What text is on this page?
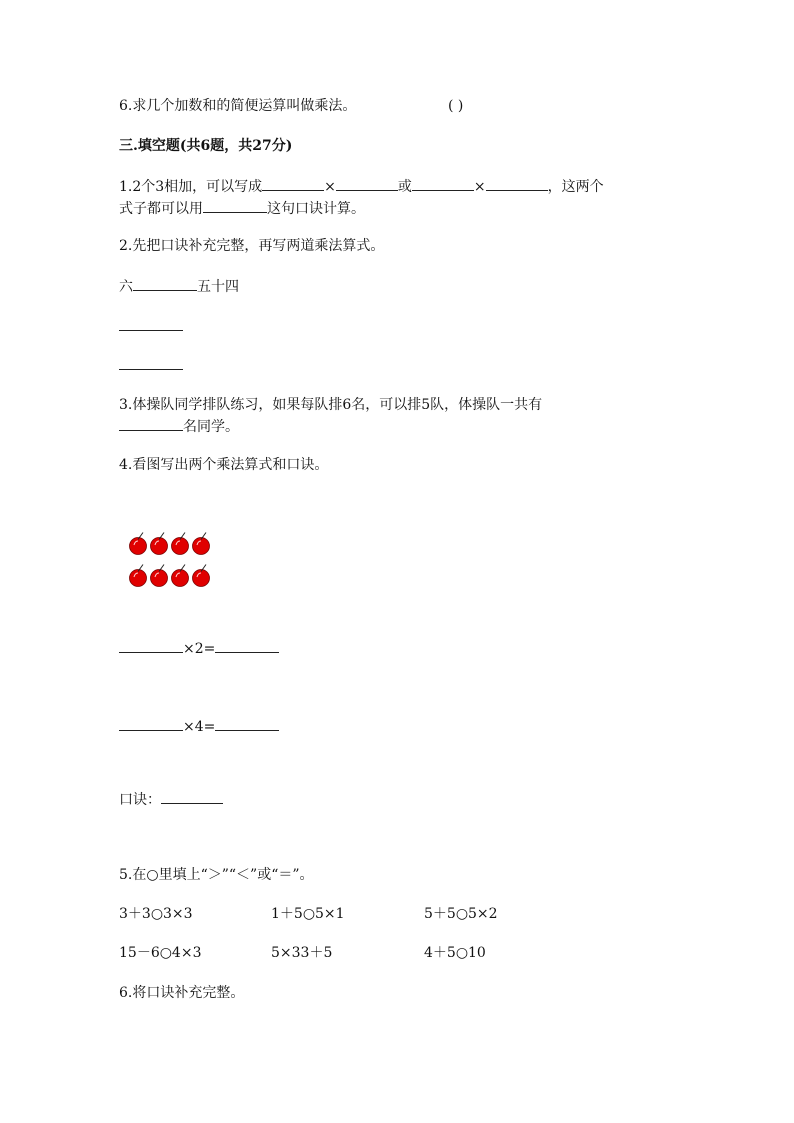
6.求几个加数和的简便运算叫做乘法。	( )
三.填空题(共6题，共27分)
1.2个3相加，可以写成	×	或	×	，这两个
式子都可以用	这句口诀计算。
2.先把口诀补充完整，再写两道乘法算式。
六	五十四
3.体操队同学排队练习，如果每队排6名，可以排5队，体操队一共有
名同学。
4.看图写出两个乘法算式和口诀。
×2=
×4=
口诀：
5.在○里填上“＞”“＜”或“＝”。
3＋3○3×3	1＋5○5×1	5＋5○5×2
15－6○4×3	5×33＋5	4＋5○10
6.将口诀补充完整。
